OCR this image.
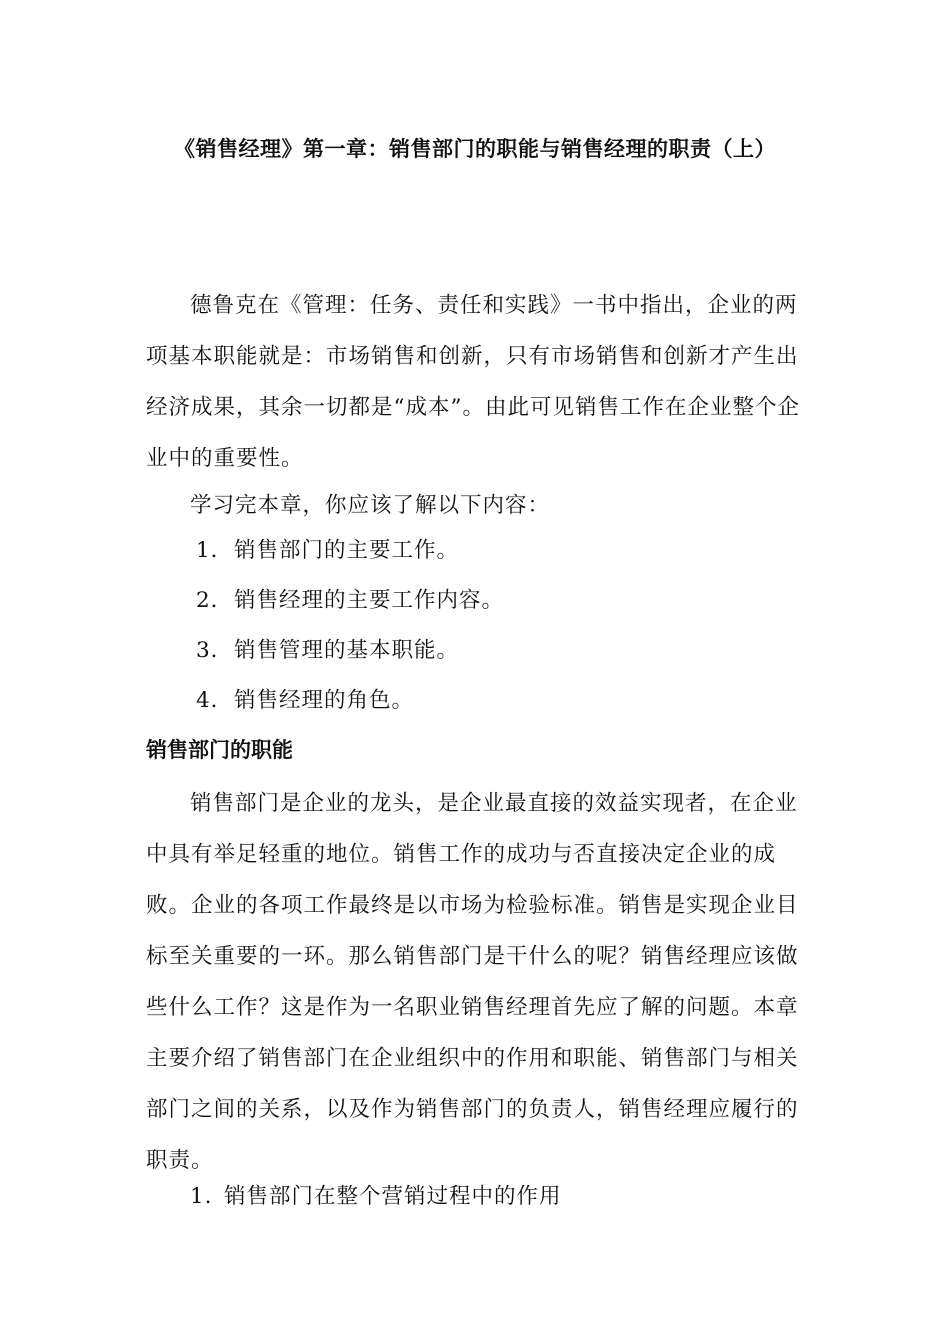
《销售经理》第一章：销售部门的职能与销售经理的职责（上）

德鲁克在《管理：任务、责任和实践》一书中指出，企业的两项基本职能就是：市场销售和创新，只有市场销售和创新才产生出经济成果，其余一切都是“成本”。由此可见销售工作在企业整个企业中的重要性。

学习完本章，你应该了解以下内容：
1．销售部门的主要工作。
2．销售经理的主要工作内容。
3．销售管理的基本职能。
4．销售经理的角色。
销售部门的职能

销售部门是企业的龙头，是企业最直接的效益实现者，在企业中具有举足轻重的地位。销售工作的成功与否直接决定企业的成败。企业的各项工作最终是以市场为检验标准。销售是实现企业目标至关重要的一环。那么销售部门是干什么的呢？销售经理应该做些什么工作？这是作为一名职业销售经理首先应了解的问题。本章主要介绍了销售部门在企业组织中的作用和职能、销售部门与相关部门之间的关系，以及作为销售部门的负责人，销售经理应履行的职责。

1. 销售部门在整个营销过程中的作用
